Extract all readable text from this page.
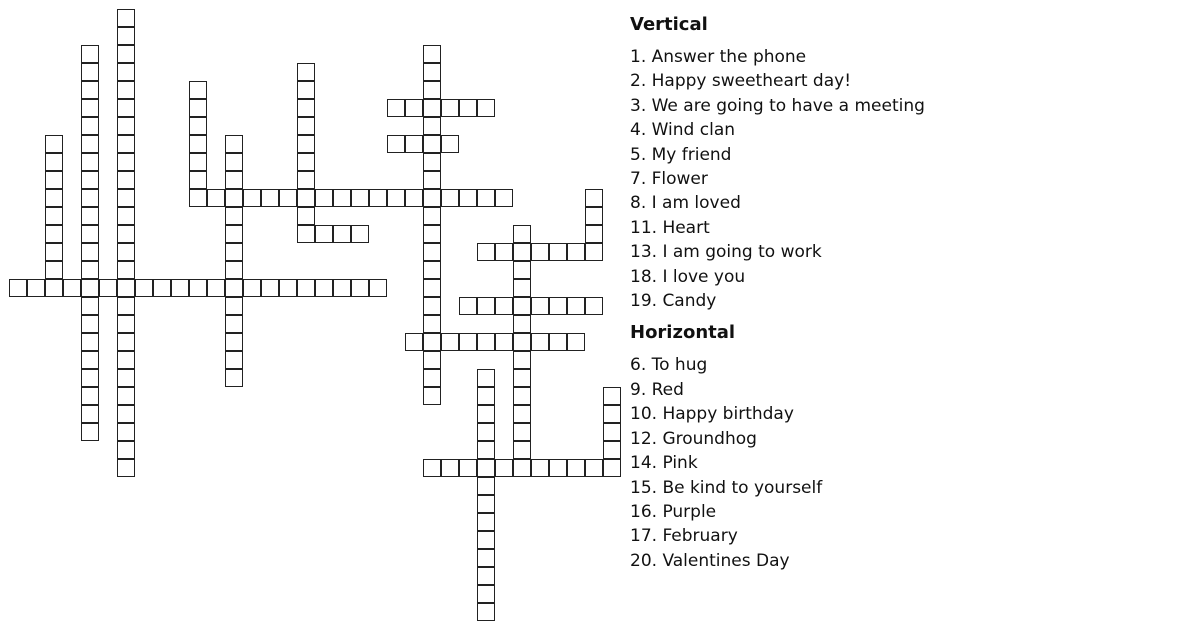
Vertical
1. Answer the phone
2. Happy sweetheart day!
3. We are going to have a meeting
4. Wind clan
5. My friend
7. Flower
8. I am loved
11. Heart
13. I am going to work
18. I love you
19. Candy
Horizontal
6. To hug
9. Red
10. Happy birthday
12. Groundhog
14. Pink
15. Be kind to yourself
16. Purple
17. February
20. Valentines Day
